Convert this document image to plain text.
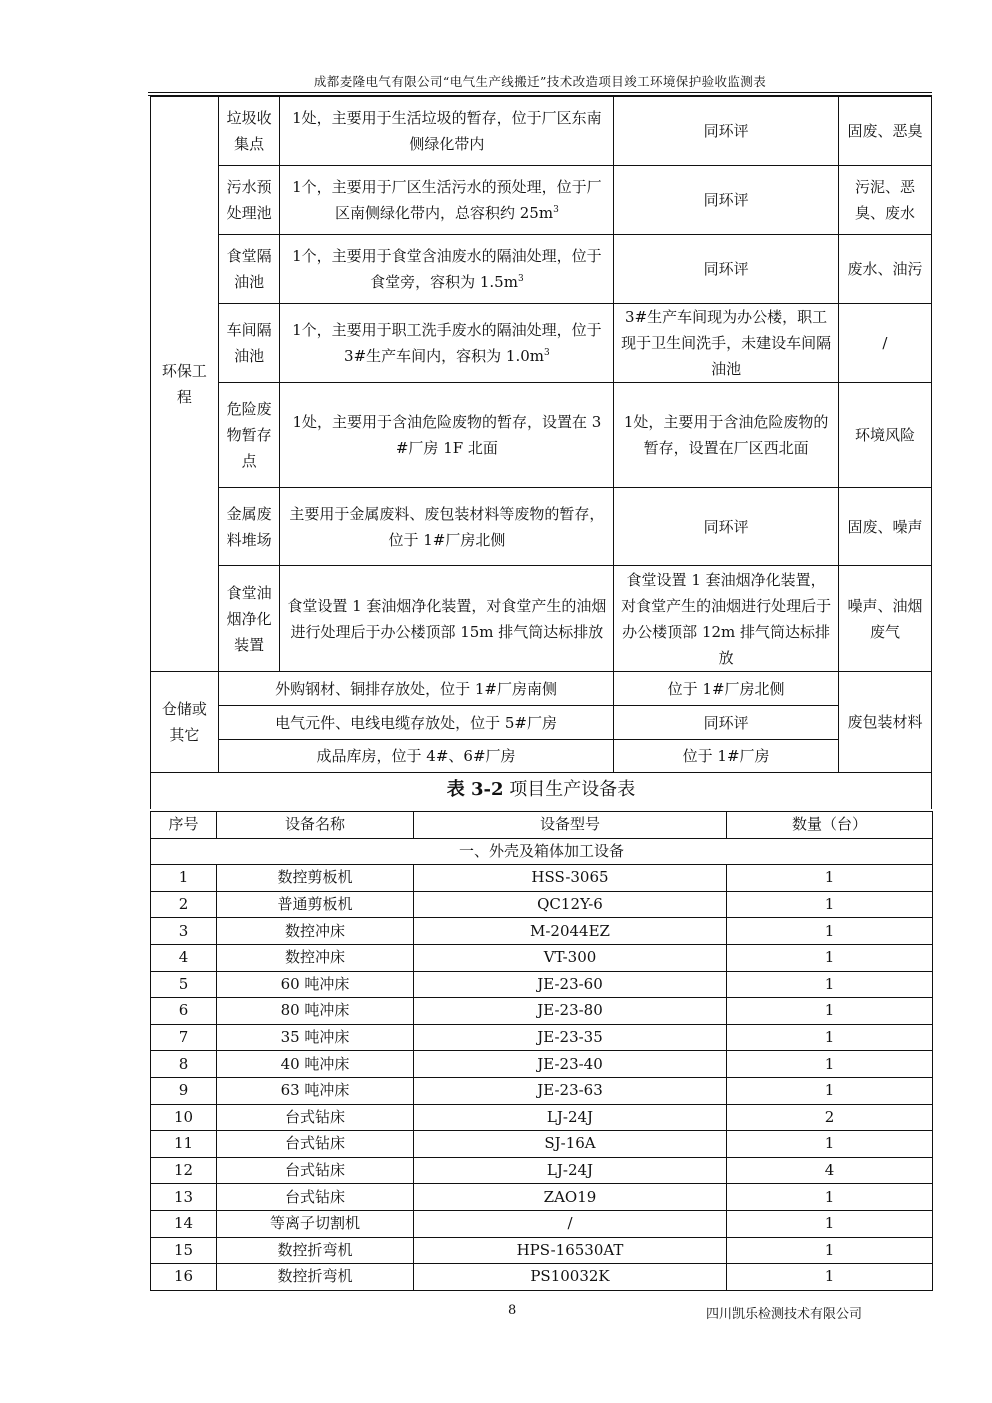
成都麦隆电气有限公司“电气生产线搬迁”技术改造项目竣工环境保护验收监测表
环保工程	垃圾收集点	1处，主要用于生活垃圾的暂存，位于厂区东南侧绿化带内	同环评	固废、恶臭
	污水预处理池	1个，主要用于厂区生活污水的预处理，位于厂区南侧绿化带内，总容积约 $25m^3$	同环评	污泥、恶臭、废水
	食堂隔油池	1个，主要用于食堂含油废水的隔油处理，位于食堂旁，容积为 $1.5m^3$	同环评	废水、油污
	车间隔油池	1个，主要用于职工洗手废水的隔油处理，位于 3#生产车间内，容积为 $1.0m^3$	3#生产车间现为办公楼，职工现于卫生间洗手，未建设车间隔油池	/
	危险废物暂存点	1处，主要用于含油危险废物的暂存，设置在 3#厂房 1F 北面	1处，主要用于含油危险废物的暂存，设置在厂区西北面	环境风险
	金属废料堆场	主要用于金属废料、废包装材料等废物的暂存，位于 1#厂房北侧	同环评	固废、噪声
	食堂油烟净化装置	食堂设置 1 套油烟净化装置，对食堂产生的油烟进行处理后于办公楼顶部 15m 排气筒达标排放	食堂设置 1 套油烟净化装置，对食堂产生的油烟进行处理后于办公楼顶部 12m 排气筒达标排放	噪声、油烟废气
仓储或其它	外购钢材、铜排存放处，位于 1#厂房南侧		位于 1#厂房北侧	废包装材料
	电气元件、电线电缆存放处，位于 5#厂房		同环评	
	成品库房，位于 4#、6#厂房		位于 1#厂房	
表 3-2 项目生产设备表
序号	设备名称	设备型号	数量（台）
一、外壳及箱体加工设备			
1	数控剪板机	HSS-3065	1
2	普通剪板机	QC12Y-6	1
3	数控冲床	M-2044EZ	1
4	数控冲床	VT-300	1
5	60 吨冲床	JE-23-60	1
6	80 吨冲床	JE-23-80	1
7	35 吨冲床	JE-23-35	1
8	40 吨冲床	JE-23-40	1
9	63 吨冲床	JE-23-63	1
10	台式钻床	LJ-24J	2
11	台式钻床	SJ-16A	1
12	台式钻床	LJ-24J	4
13	台式钻床	ZAO19	1
14	等离子切割机	/	1
15	数控折弯机	HPS-16530AT	1
16	数控折弯机	PS10032K	1
8	四川凯乐检测技术有限公司
